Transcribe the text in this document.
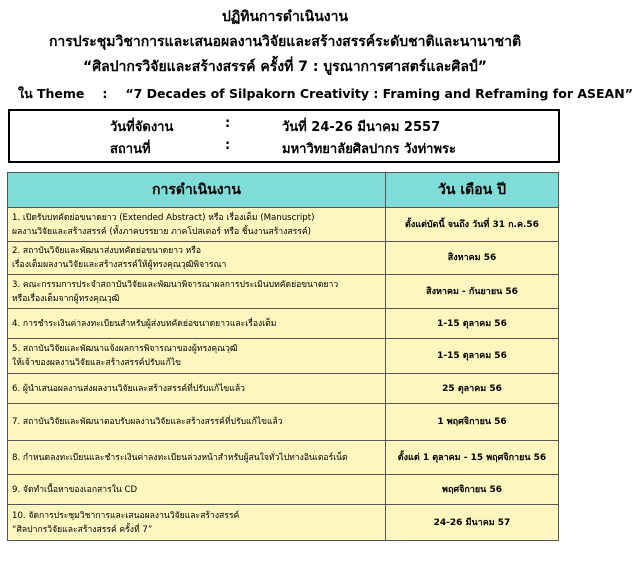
ปฏิทินการดำเนินงาน
การประชุมวิชาการและเสนอผลงานวิจัยและสร้างสรรค์ระดับชาติและนานาชาติ
“ศิลปากรวิจัยและสร้างสรรค์ ครั้งที่ 7 : บูรณาการศาสตร์และศิลป์”
ใน Theme : “7 Decades of Silpakorn Creativity : Framing and Reframing for ASEAN”
วันที่จัดงาน	:	วันที่ 24-26 มีนาคม 2557
สถานที่	:	มหาวิทยาลัยศิลปากร วังท่าพระ
การดำเนินงาน	วัน เดือน ปี

1. เปิดรับบทคัดย่อขนาดยาว (Extended Abstract) หรือ เรื่องเต็ม (Manuscript)
ผลงานวิจัยและสร้างสรรค์ (ทั้งภาคบรรยาย ภาคโปสเตอร์ หรือ ชิ้นงานสร้างสรรค์)	ตั้งแต่บัดนี้ จนถึง วันที่ 31 ก.ค.56

2. สถาบันวิจัยและพัฒนาส่งบทคัดย่อขนาดยาว หรือ
เรื่องเต็มผลงานวิจัยและสร้างสรรค์ให้ผู้ทรงคุณวุฒิพิจารณา	สิงหาคม 56

3. คณะกรรมการประจำสถาบันวิจัยและพัฒนาพิจารณาผลการประเมินบทคัดย่อขนาดยาว
หรือเรื่องเต็มจากผู้ทรงคุณวุฒิ	สิงหาคม - กันยายน 56

4. การชำระเงินค่าลงทะเบียนสำหรับผู้ส่งบทคัดย่อขนาดยาวและเรื่องเต็ม	1-15 ตุลาคม 56

5. สถาบันวิจัยและพัฒนาแจ้งผลการพิจารณาของผู้ทรงคุณวุฒิ
ให้เจ้าของผลงานวิจัยและสร้างสรรค์ปรับแก้ไข	1-15 ตุลาคม 56

6. ผู้นำเสนอผลงานส่งผลงานวิจัยและสร้างสรรค์ที่ปรับแก้ไขแล้ว	25 ตุลาคม 56

7. สถาบันวิจัยและพัฒนาตอบรับผลงานวิจัยและสร้างสรรค์ที่ปรับแก้ไขแล้ว	1 พฤศจิกายน 56

8. กำหนดลงทะเบียนและชำระเงินค่าลงทะเบียนล่วงหน้าสำหรับผู้สนใจทั่วไปทางอินเตอร์เน็ต	ตั้งแต่ 1 ตุลาคม - 15 พฤศจิกายน 56

9. จัดทำเนื้อหาของเอกสารใน CD	พฤศจิกายน 56

10. จัดการประชุมวิชาการและเสนอผลงานวิจัยและสร้างสรรค์
“ศิลปากรวิจัยและสร้างสรรค์ ครั้งที่ 7”	24-26 มีนาคม 57
